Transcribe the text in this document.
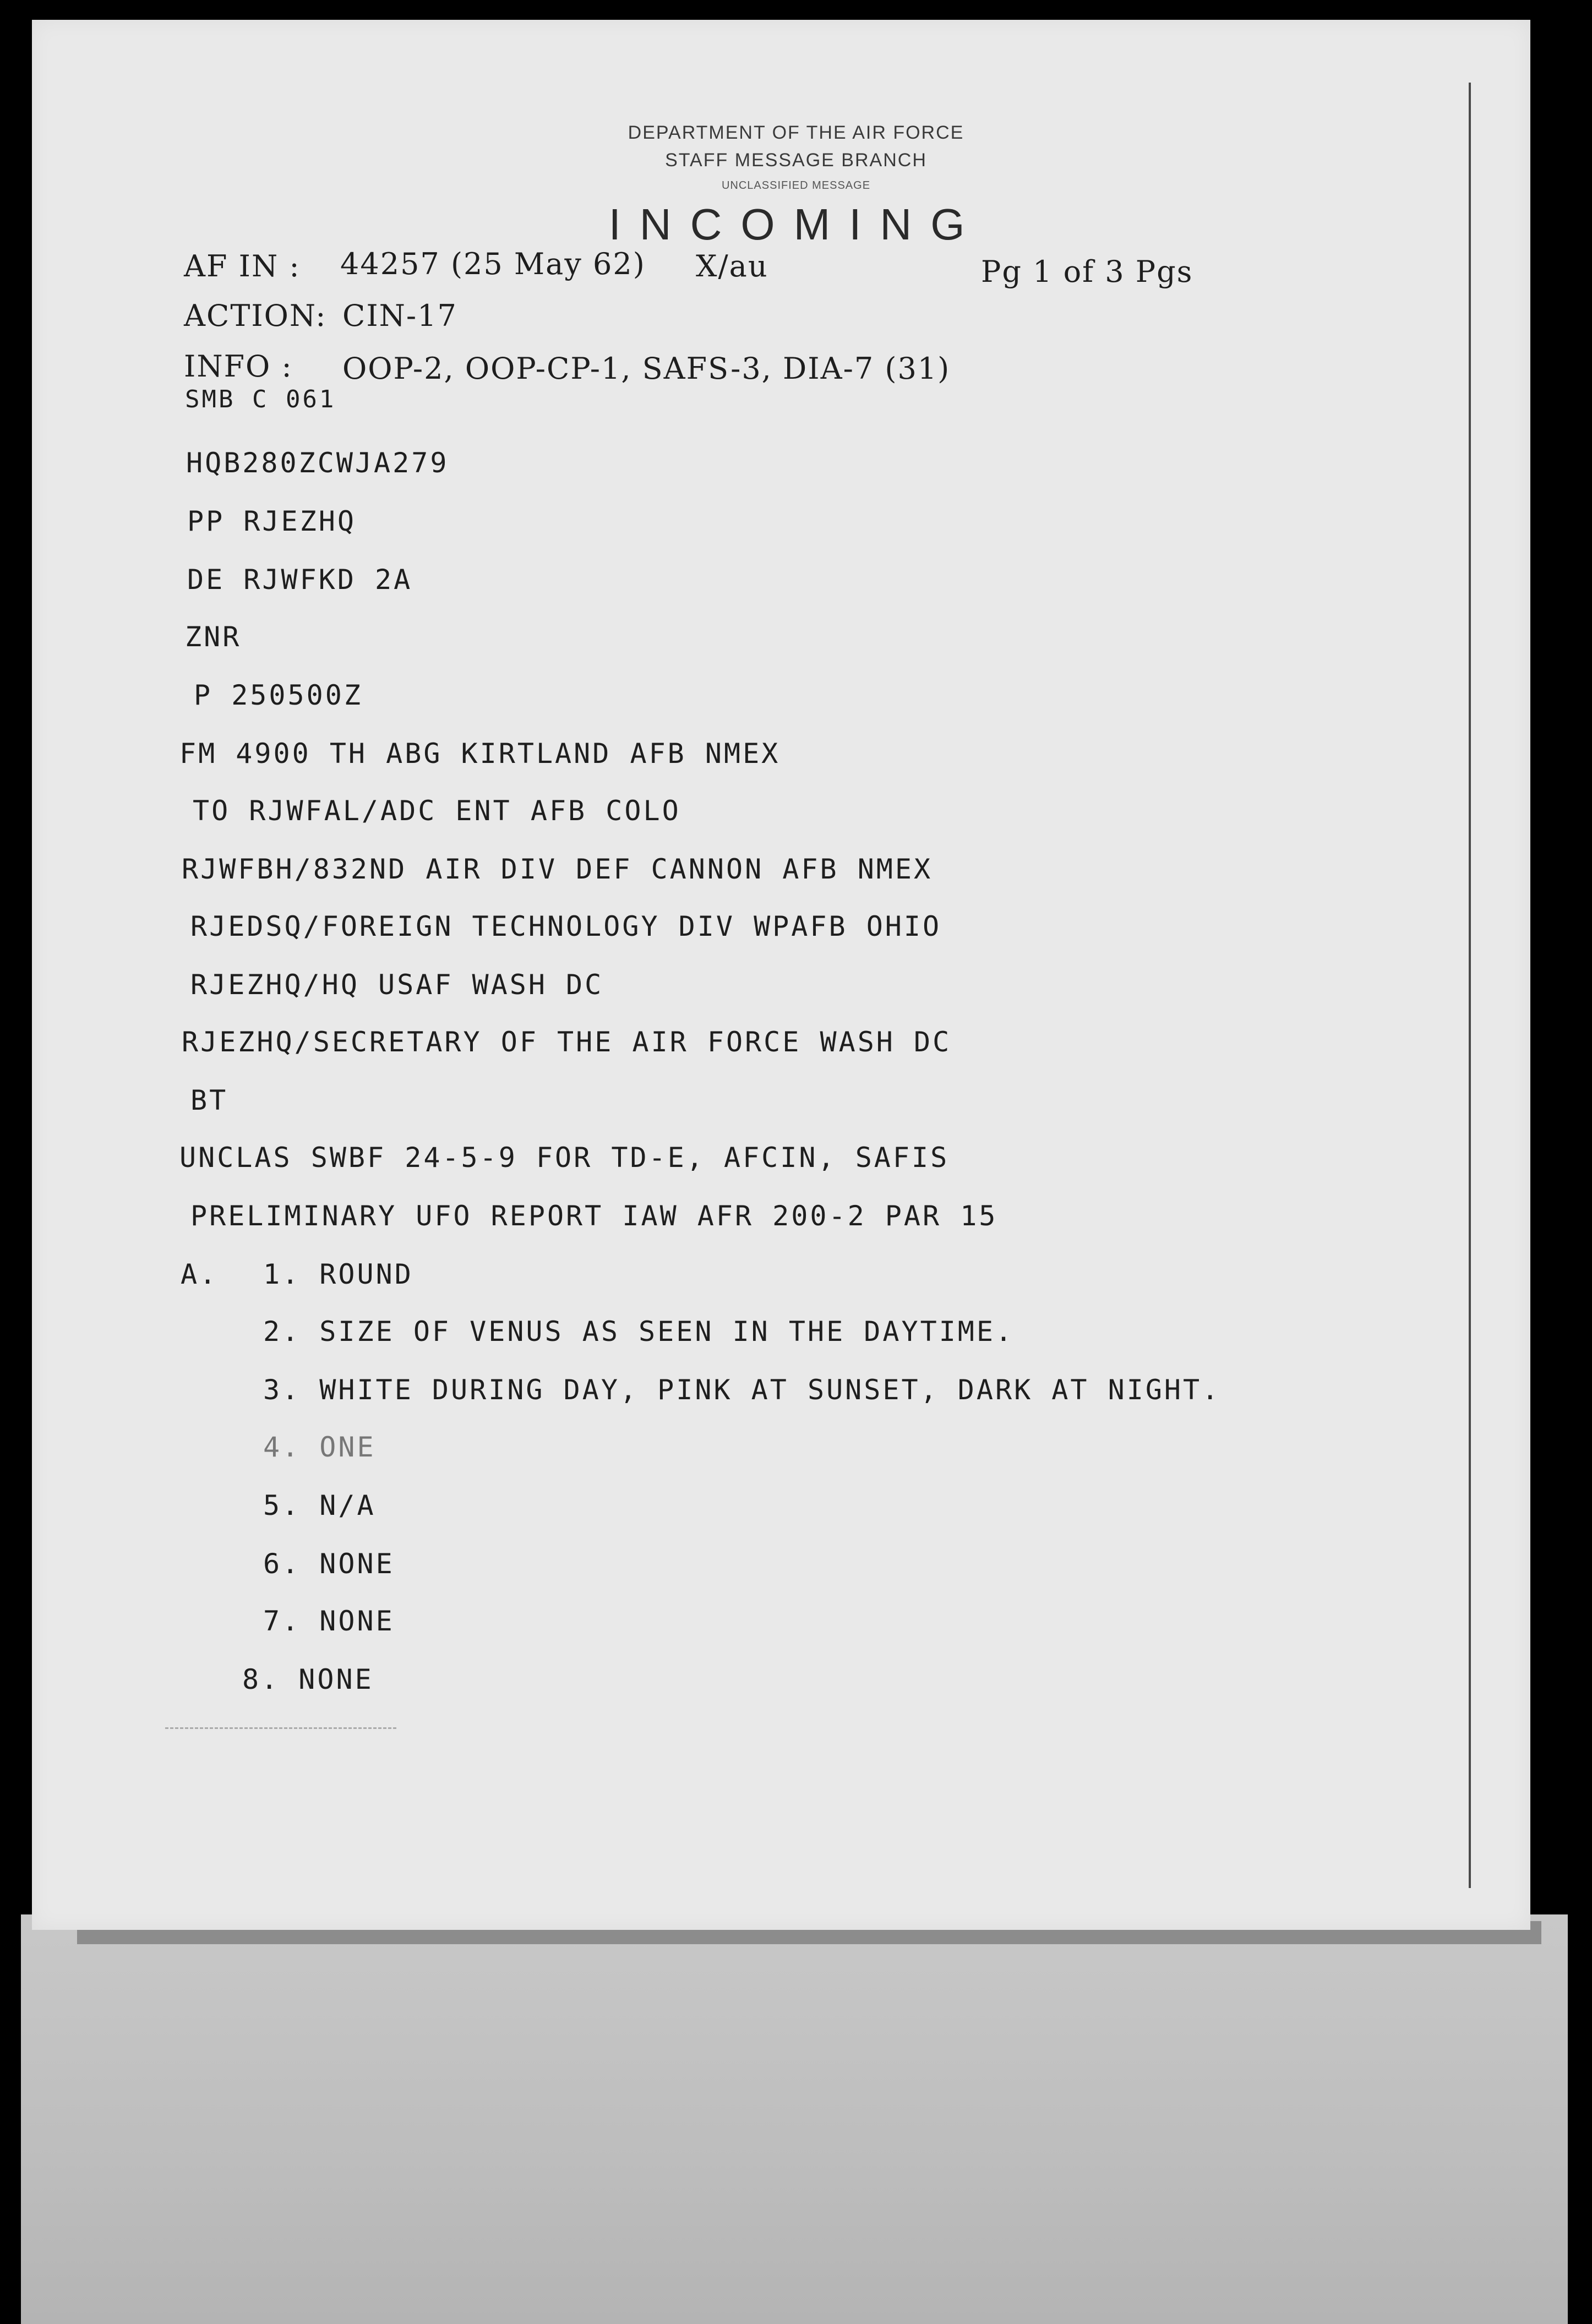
DEPARTMENT OF THE AIR FORCE
STAFF MESSAGE BRANCH
UNCLASSIFIED MESSAGE
INCOMING
AF IN : 44257 (25 May 62) X/au	Pg 1 of 3 Pgs
ACTION: CIN-17
INFO : OOP-2, OOP-CP-1, SAFS-3, DIA-7 (31)
SMB C 061
HQB280ZCWJA279
PP RJEZHQ
DE RJWFKD 2A
ZNR
P 250500Z
FM 4900 TH ABG KIRTLAND AFB NMEX
TO RJWFAL/ADC ENT AFB COLO
RJWFBH/832ND AIR DIV DEF CANNON AFB NMEX
RJEDSQ/FOREIGN TECHNOLOGY DIV WPAFB OHIO
RJEZHQ/HQ USAF WASH DC
RJEZHQ/SECRETARY OF THE AIR FORCE WASH DC
BT
UNCLAS SWBF 24-5-9 FOR TD-E, AFCIN, SAFIS
PRELIMINARY UFO REPORT IAW AFR 200-2 PAR 15
A. 1. ROUND
2. SIZE OF VENUS AS SEEN IN THE DAYTIME.
3. WHITE DURING DAY, PINK AT SUNSET, DARK AT NIGHT.
4. ONE
5. N/A
6. NONE
7. NONE
8. NONE
